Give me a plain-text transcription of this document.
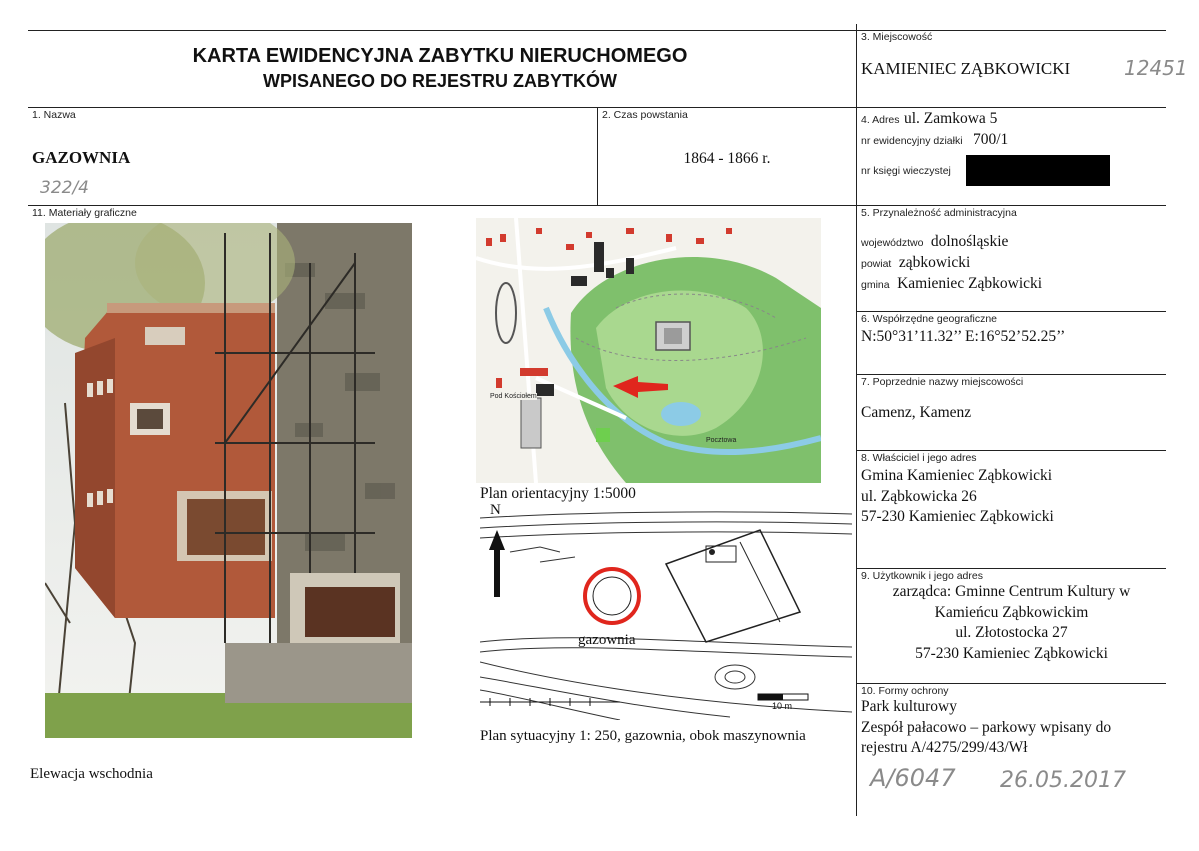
KARTA EWIDENCYJNA ZABYTKU NIERUCHOMEGO
WPISANEGO DO REJESTRU ZABYTKÓW
3. Miejscowość
KAMIENIEC ZĄBKOWICKI	12451
1. Nazwa
GAZOWNIA
322/4
2. Czas powstania
1864 - 1866 r.
4. Adres ul. Zamkowa 5
nr ewidencyjny działki 700/1
nr księgi wieczystej
11. Materiały graficzne
Pod Kościołem
Pocztowa
Plan orientacyjny 1:5000
N
gazownia
10 m
Plan sytuacyjny 1: 250, gazownia, obok maszynownia
Elewacja wschodnia
5. Przynależność administracyjna
województwo dolnośląskie
powiat ząbkowicki
gmina Kamieniec Ząbkowicki
6. Współrzędne geograficzne
N:50°31’11.32’’ E:16°52’52.25’’
7. Poprzednie nazwy miejscowości
Camenz, Kamenz
8. Właściciel i jego adres
Gmina Kamieniec Ząbkowicki
ul. Ząbkowicka 26
57-230 Kamieniec Ząbkowicki
9. Użytkownik i jego adres
zarządca: Gminne Centrum Kultury w
Kamieńcu Ząbkowickim
ul. Złotostocka 27
57-230 Kamieniec Ząbkowicki
10. Formy ochrony
Park kulturowy
Zespół pałacowo – parkowy wpisany do
rejestru A/4275/299/43/Wł
A/6047 26.05.2017
